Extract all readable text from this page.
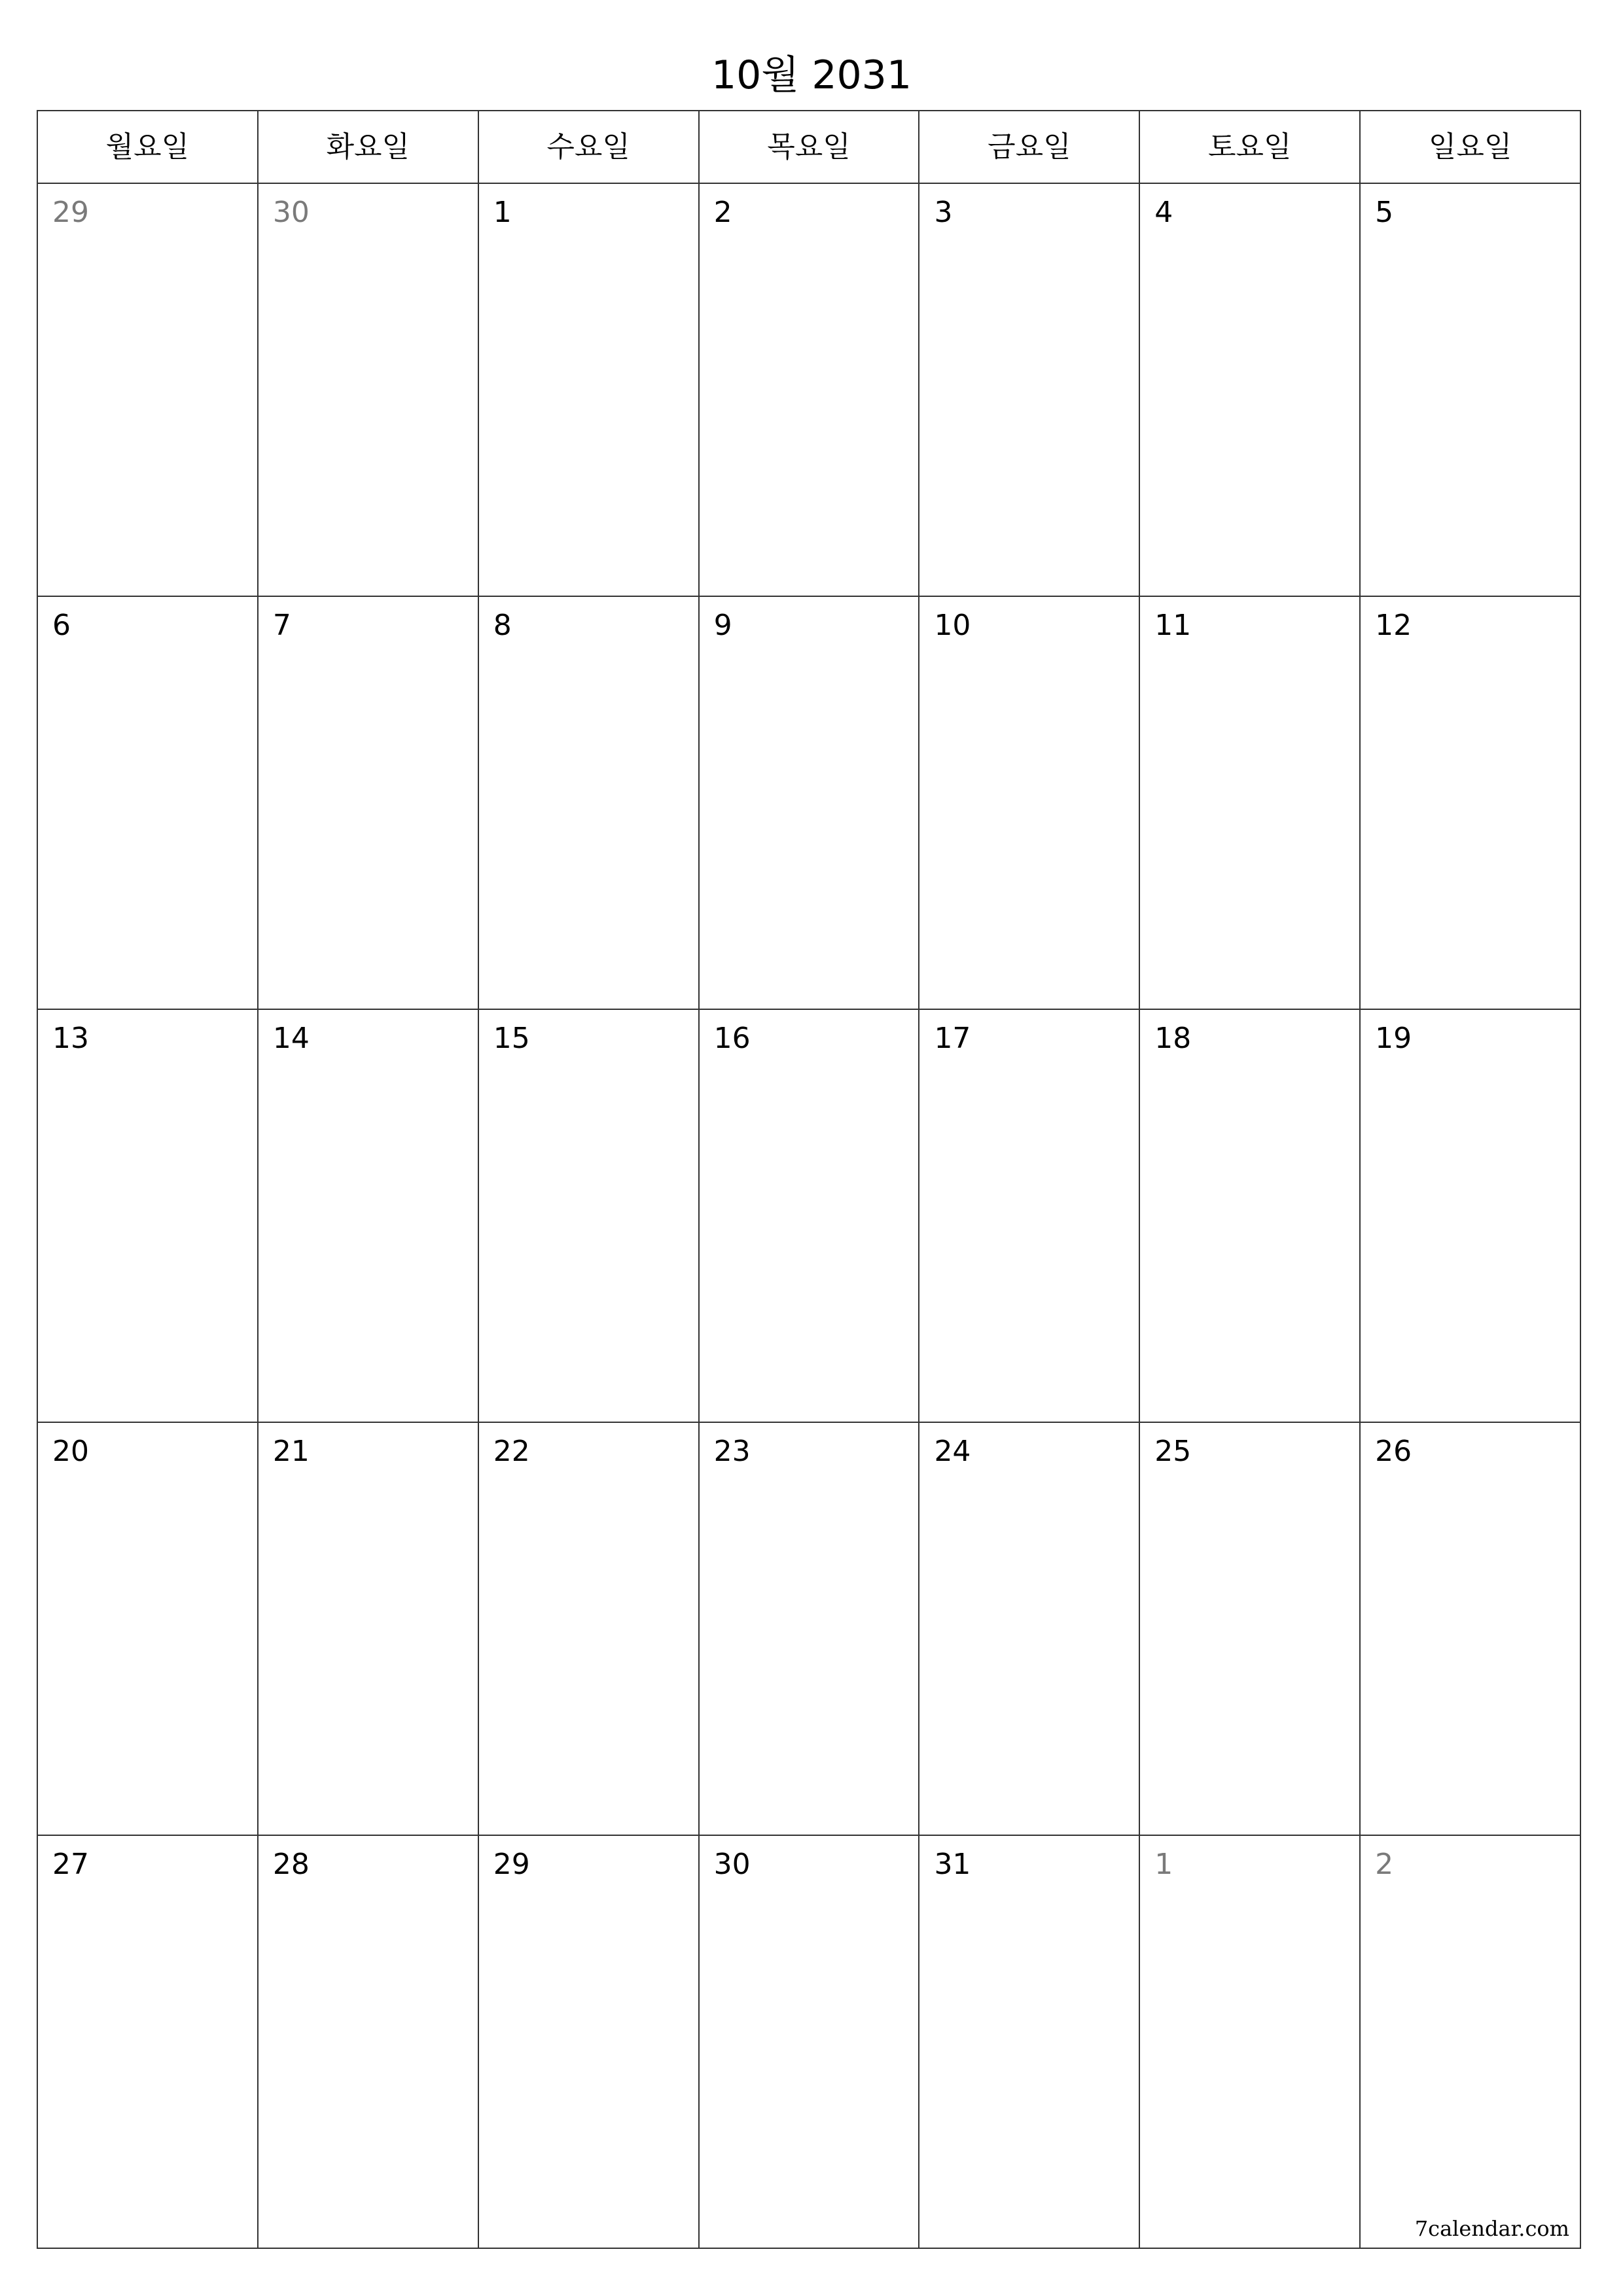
10월 2031
월요일	화요일	수요일	목요일	금요일	토요일	일요일
29	30	1	2	3	4	5
6	7	8	9	10	11	12
13	14	15	16	17	18	19
20	21	22	23	24	25	26
27	28	29	30	31	1	2
7calendar.com
